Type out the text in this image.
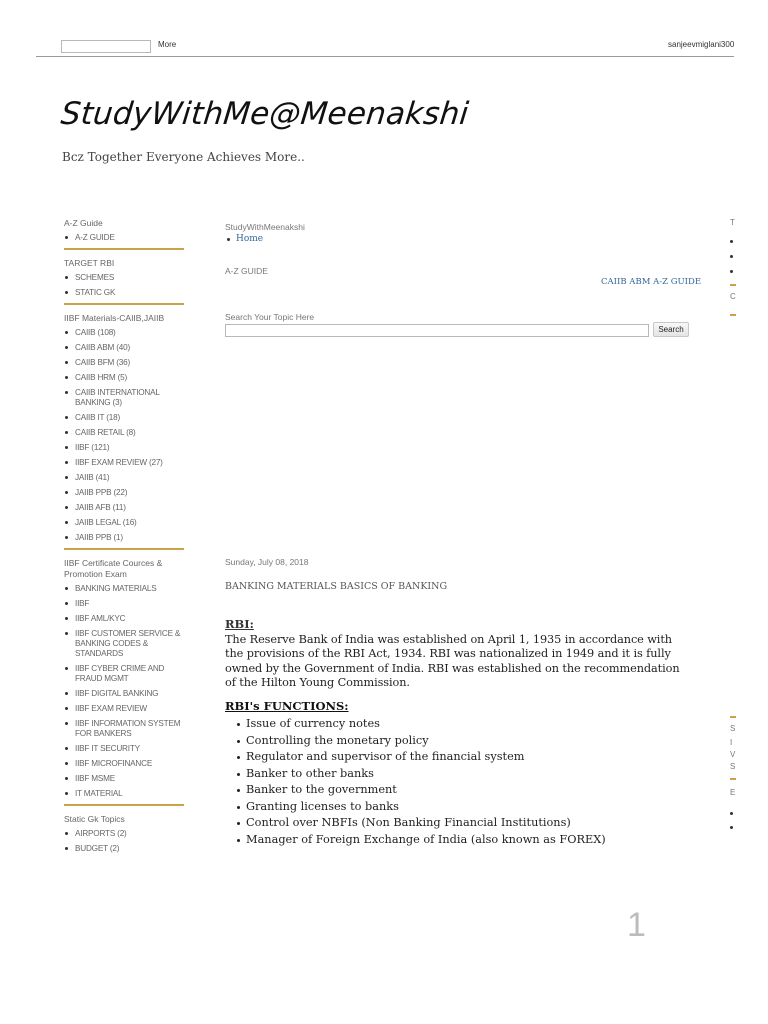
More	sanjeevmiglani300
StudyWithMe@Meenakshi

Bcz Together Everyone Achieves More..

A-Z Guide
A-Z GUIDE
TARGET RBI
SCHEMES
STATIC GK
IIBF Materials-CAIIB,JAIIB
CAIIB (108)
CAIIB ABM (40)
CAIIB BFM (36)
CAIIB HRM (5)
CAIIB INTERNATIONAL BANKING (3)
CAIIB IT (18)
CAIIB RETAIL (8)
IIBF (121)
IIBF EXAM REVIEW (27)
JAIIB (41)
JAIIB PPB (22)
JAIIB AFB (11)
JAIIB LEGAL (16)
JAIIB PPB (1)
IIBF Certificate Cources & Promotion Exam
BANKING MATERIALS
IIBF
IIBF AML/KYC
IIBF CUSTOMER SERVICE & BANKING CODES & STANDARDS
IIBF CYBER CRIME AND FRAUD MGMT
IIBF DIGITAL BANKING
IIBF EXAM REVIEW
IIBF INFORMATION SYSTEM FOR BANKERS
IIBF IT SECURITY
IIBF MICROFINANCE
IIBF MSME
IT MATERIAL
Static Gk Topics
AIRPORTS (2)
BUDGET (2)
StudyWithMeenakshi
Home
A-Z GUIDE
CAIIB ABM A-Z GUIDE
Search Your Topic Here
Search
Sunday, July 08, 2018
BANKING MATERIALS BASICS OF BANKING
RBI:

The Reserve Bank of India was established on April 1, 1935 in accordance with the provisions of the RBI Act, 1934. RBI was nationalized in 1949 and it is fully owned by the Government of India. RBI was established on the recommendation of the Hilton Young Commission.

RBI's FUNCTIONS:
Issue of currency notes
Controlling the monetary policy
Regulator and supervisor of the financial system
Banker to other banks
Banker to the government
Granting licenses to banks
Control over NBFIs (Non Banking Financial Institutions)
Manager of Foreign Exchange of India (also known as FOREX)
1
T
C
S
I
V
S
E
